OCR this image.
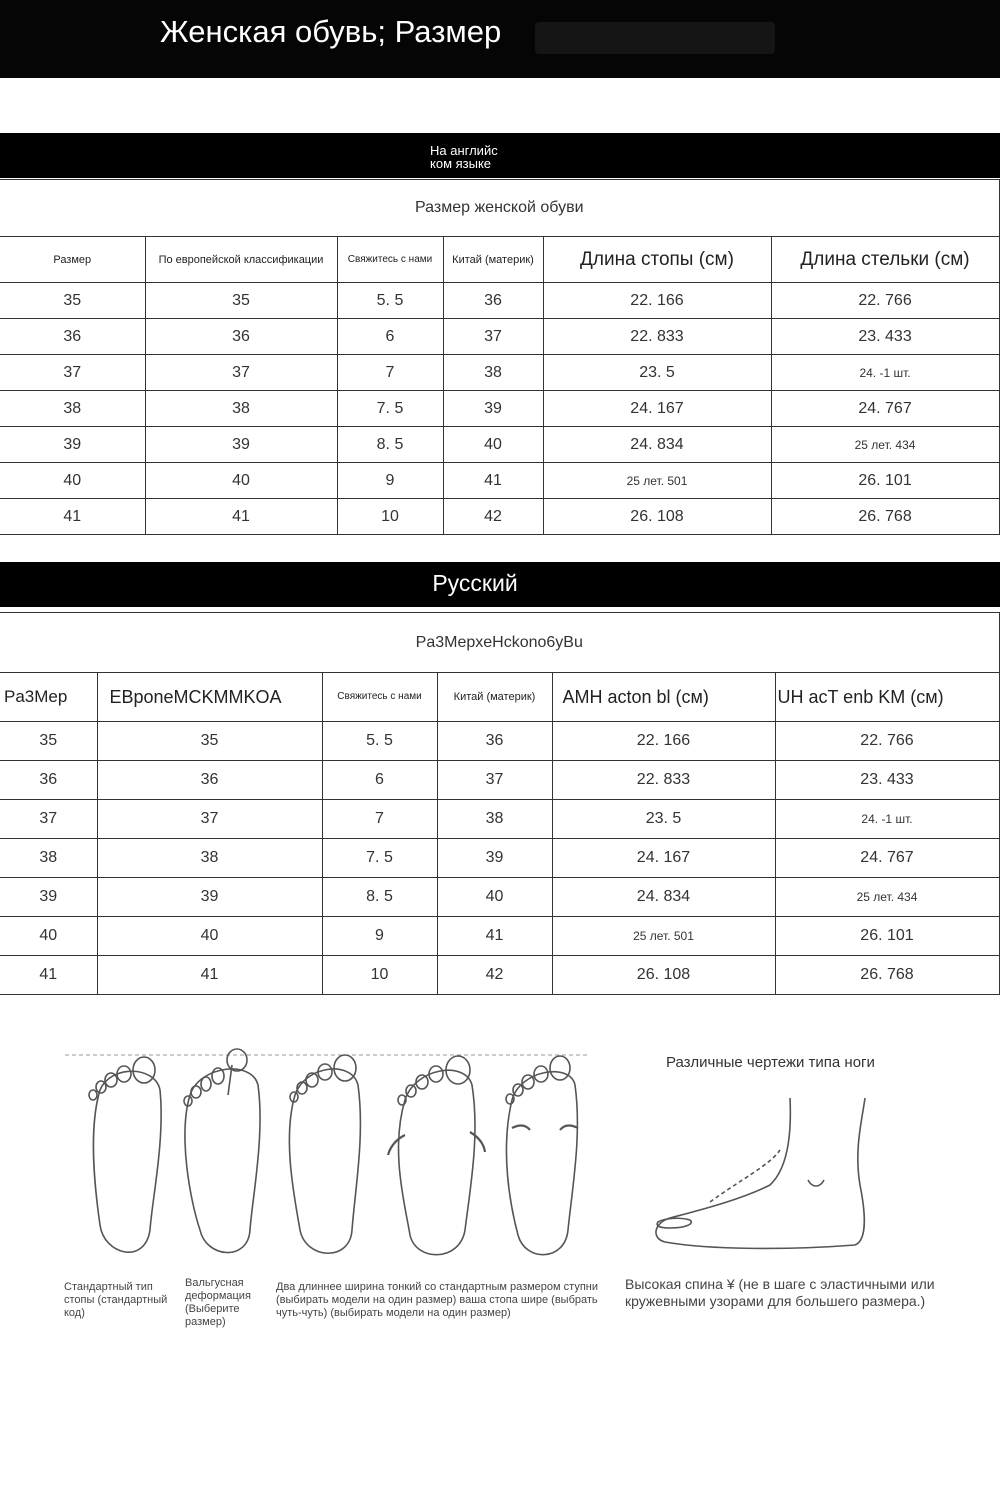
Женская обувь; Размер
На английс
ком языке
Размер женской обуви					
Размер	По европейской классификации	Свяжитесь с нами	Китай (материк)	Длина стопы (см)	Длина стельки (см)
35	35	5. 5	36	22. 166	22. 766
36	36	6	37	22. 833	23. 433
37	37	7	38	23. 5	24. -1 шт.
38	38	7. 5	39	24. 167	24. 767
39	39	8. 5	40	24. 834	25 лет. 434
40	40	9	41	25 лет. 501	26. 101
41	41	10	42	26. 108	26. 768
Русский
Pa3MepxeHckono6yBu					
Pa3Mep	EBponeMCKMMKOA	Свяжитесь с нами	Китай (материк)	AMH acton bl (см)	UH acT enb KM (см)
35	35	5. 5	36	22. 166	22. 766
36	36	6	37	22. 833	23. 433
37	37	7	38	23. 5	24. -1 шт.
38	38	7. 5	39	24. 167	24. 767
39	39	8. 5	40	24. 834	25 лет. 434
40	40	9	41	25 лет. 501	26. 101
41	41	10	42	26. 108	26. 768
Стандартный тип стопы (стандартный код)
Вальгусная деформация (Выберите размер)
Два длиннее ширина тонкий со стандартным размером ступни (выбирать модели на один размер) ваша стопа шире (выбрать чуть-чуть) (выбирать модели на один размер)
Различные чертежи типа ноги
Высокая спина ¥ (не в шаге с эластичными или кружевными узорами для большего размера.)
